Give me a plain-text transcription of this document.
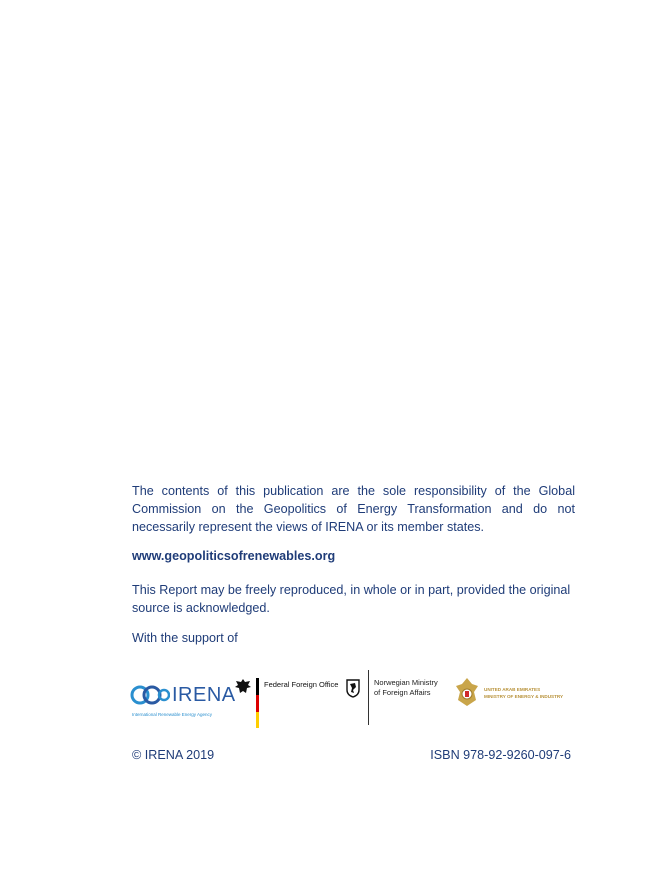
The contents of this publication are the sole responsibility of the Global Commission on the Geopolitics of Energy Transformation and do not necessarily represent the views of IRENA or its member states.
www.geopoliticsofrenewables.org
This Report may be freely reproduced, in whole or in part, provided the original source is acknowledged.
With the support of
IRENA
International Renewable Energy Agency
Federal Foreign Office	Norwegian Ministry
of Foreign Affairs	UNITED ARAB EMIRATES
MINISTRY OF ENERGY & INDUSTRY
© IRENA 2019	ISBN 978-92-9260-097-6
